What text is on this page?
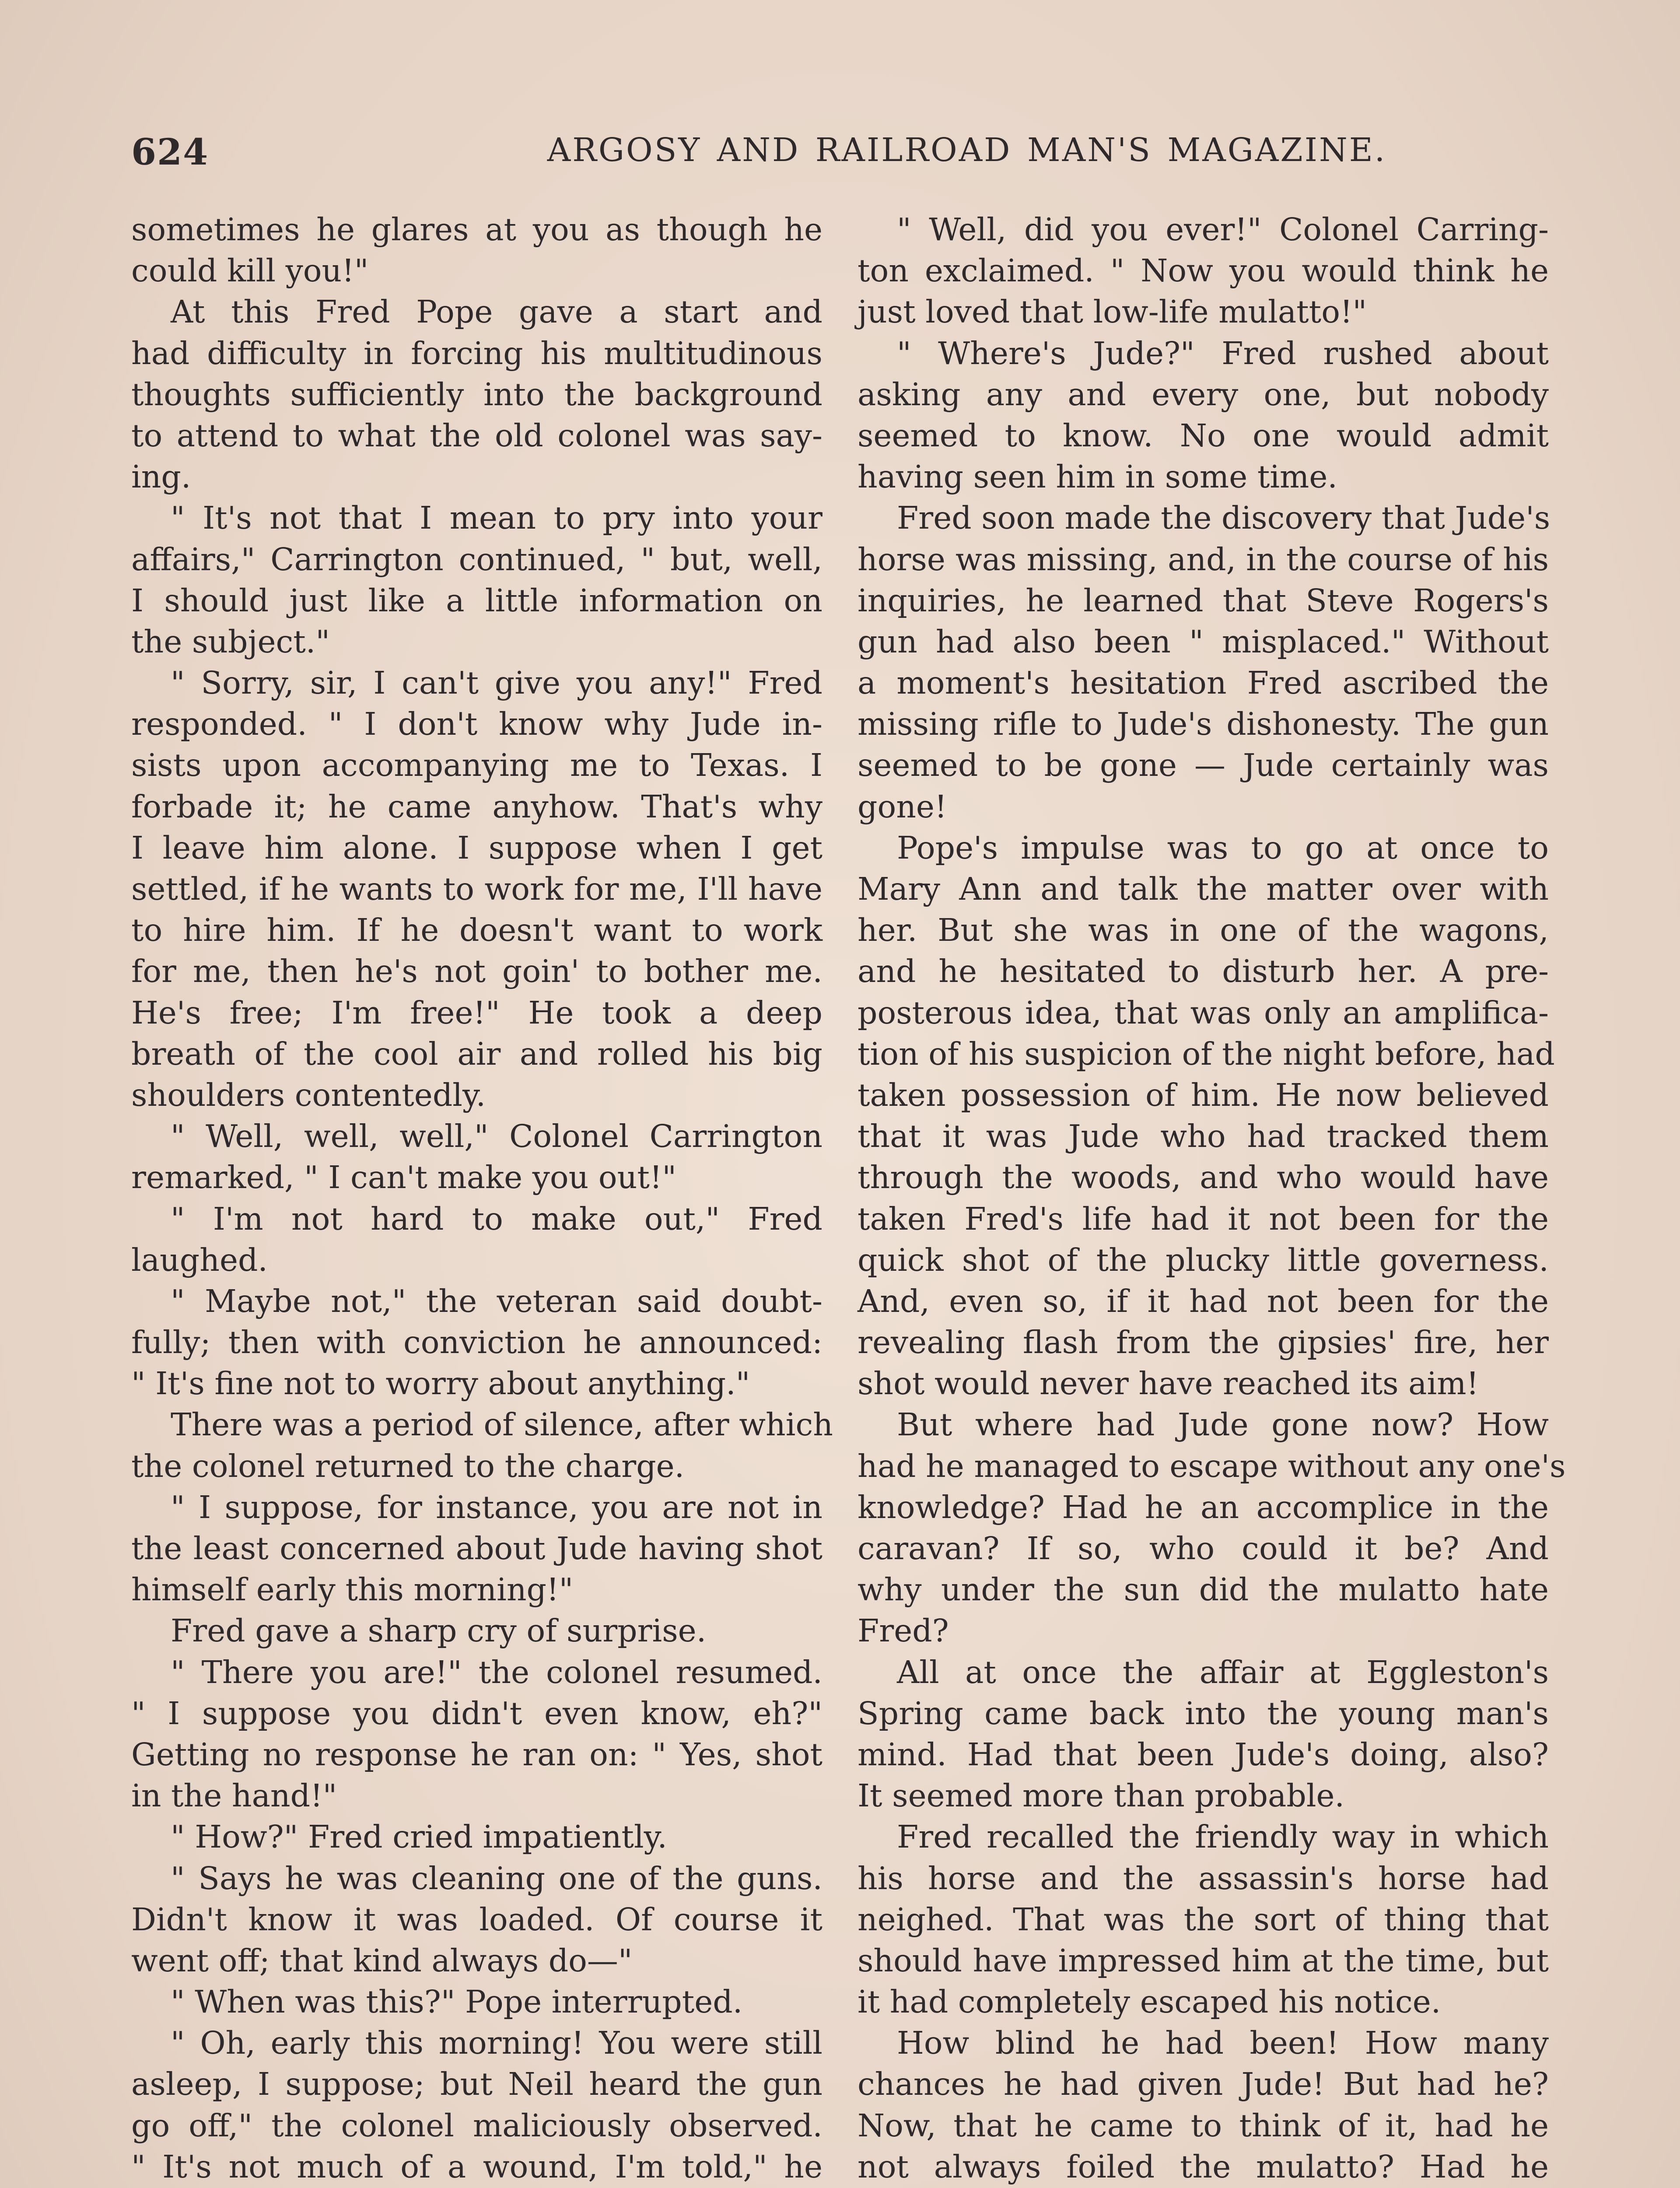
624	ARGOSY AND RAILROAD MAN'S MAGAZINE.
sometimes he glares at you as though he
could kill you!"
At this Fred Pope gave a start and
had difficulty in forcing his multitudinous
thoughts sufficiently into the background
to attend to what the old colonel was say-
ing.
" It's not that I mean to pry into your
affairs," Carrington continued, " but, well,
I should just like a little information on
the subject."
" Sorry, sir, I can't give you any!" Fred
responded. " I don't know why Jude in-
sists upon accompanying me to Texas. I
forbade it; he came anyhow. That's why
I leave him alone. I suppose when I get
settled, if he wants to work for me, I'll have
to hire him. If he doesn't want to work
for me, then he's not goin' to bother me.
He's free; I'm free!" He took a deep
breath of the cool air and rolled his big
shoulders contentedly.
" Well, well, well," Colonel Carrington
remarked, " I can't make you out!"
" I'm not hard to make out," Fred
laughed.
" Maybe not," the veteran said doubt-
fully; then with conviction he announced:
" It's fine not to worry about anything."
There was a period of silence, after which
the colonel returned to the charge.
" I suppose, for instance, you are not in
the least concerned about Jude having shot
himself early this morning!"
Fred gave a sharp cry of surprise.
" There you are!" the colonel resumed.
" I suppose you didn't even know, eh?"
Getting no response he ran on: " Yes, shot
in the hand!"
" How?" Fred cried impatiently.
" Says he was cleaning one of the guns.
Didn't know it was loaded. Of course it
went off; that kind always do—"
" When was this?" Pope interrupted.
" Oh, early this morning! You were still
asleep, I suppose; but Neil heard the gun
go off," the colonel maliciously observed.
" It's not much of a wound, I'm told," he
" Well, did you ever!" Colonel Carring-
ton exclaimed. " Now you would think he
just loved that low-life mulatto!"
" Where's Jude?" Fred rushed about
asking any and every one, but nobody
seemed to know. No one would admit
having seen him in some time.
Fred soon made the discovery that Jude's
horse was missing, and, in the course of his
inquiries, he learned that Steve Rogers's
gun had also been " misplaced." Without
a moment's hesitation Fred ascribed the
missing rifle to Jude's dishonesty. The gun
seemed to be gone — Jude certainly was
gone!
Pope's impulse was to go at once to
Mary Ann and talk the matter over with
her. But she was in one of the wagons,
and he hesitated to disturb her. A pre-
posterous idea, that was only an amplifica-
tion of his suspicion of the night before, had
taken possession of him. He now believed
that it was Jude who had tracked them
through the woods, and who would have
taken Fred's life had it not been for the
quick shot of the plucky little governess.
And, even so, if it had not been for the
revealing flash from the gipsies' fire, her
shot would never have reached its aim!
But where had Jude gone now? How
had he managed to escape without any one's
knowledge? Had he an accomplice in the
caravan? If so, who could it be? And
why under the sun did the mulatto hate
Fred?
All at once the affair at Eggleston's
Spring came back into the young man's
mind. Had that been Jude's doing, also?
It seemed more than probable.
Fred recalled the friendly way in which
his horse and the assassin's horse had
neighed. That was the sort of thing that
should have impressed him at the time, but
it had completely escaped his notice.
How blind he had been! How many
chances he had given Jude! But had he?
Now, that he came to think of it, had he
not always foiled the mulatto? Had he
